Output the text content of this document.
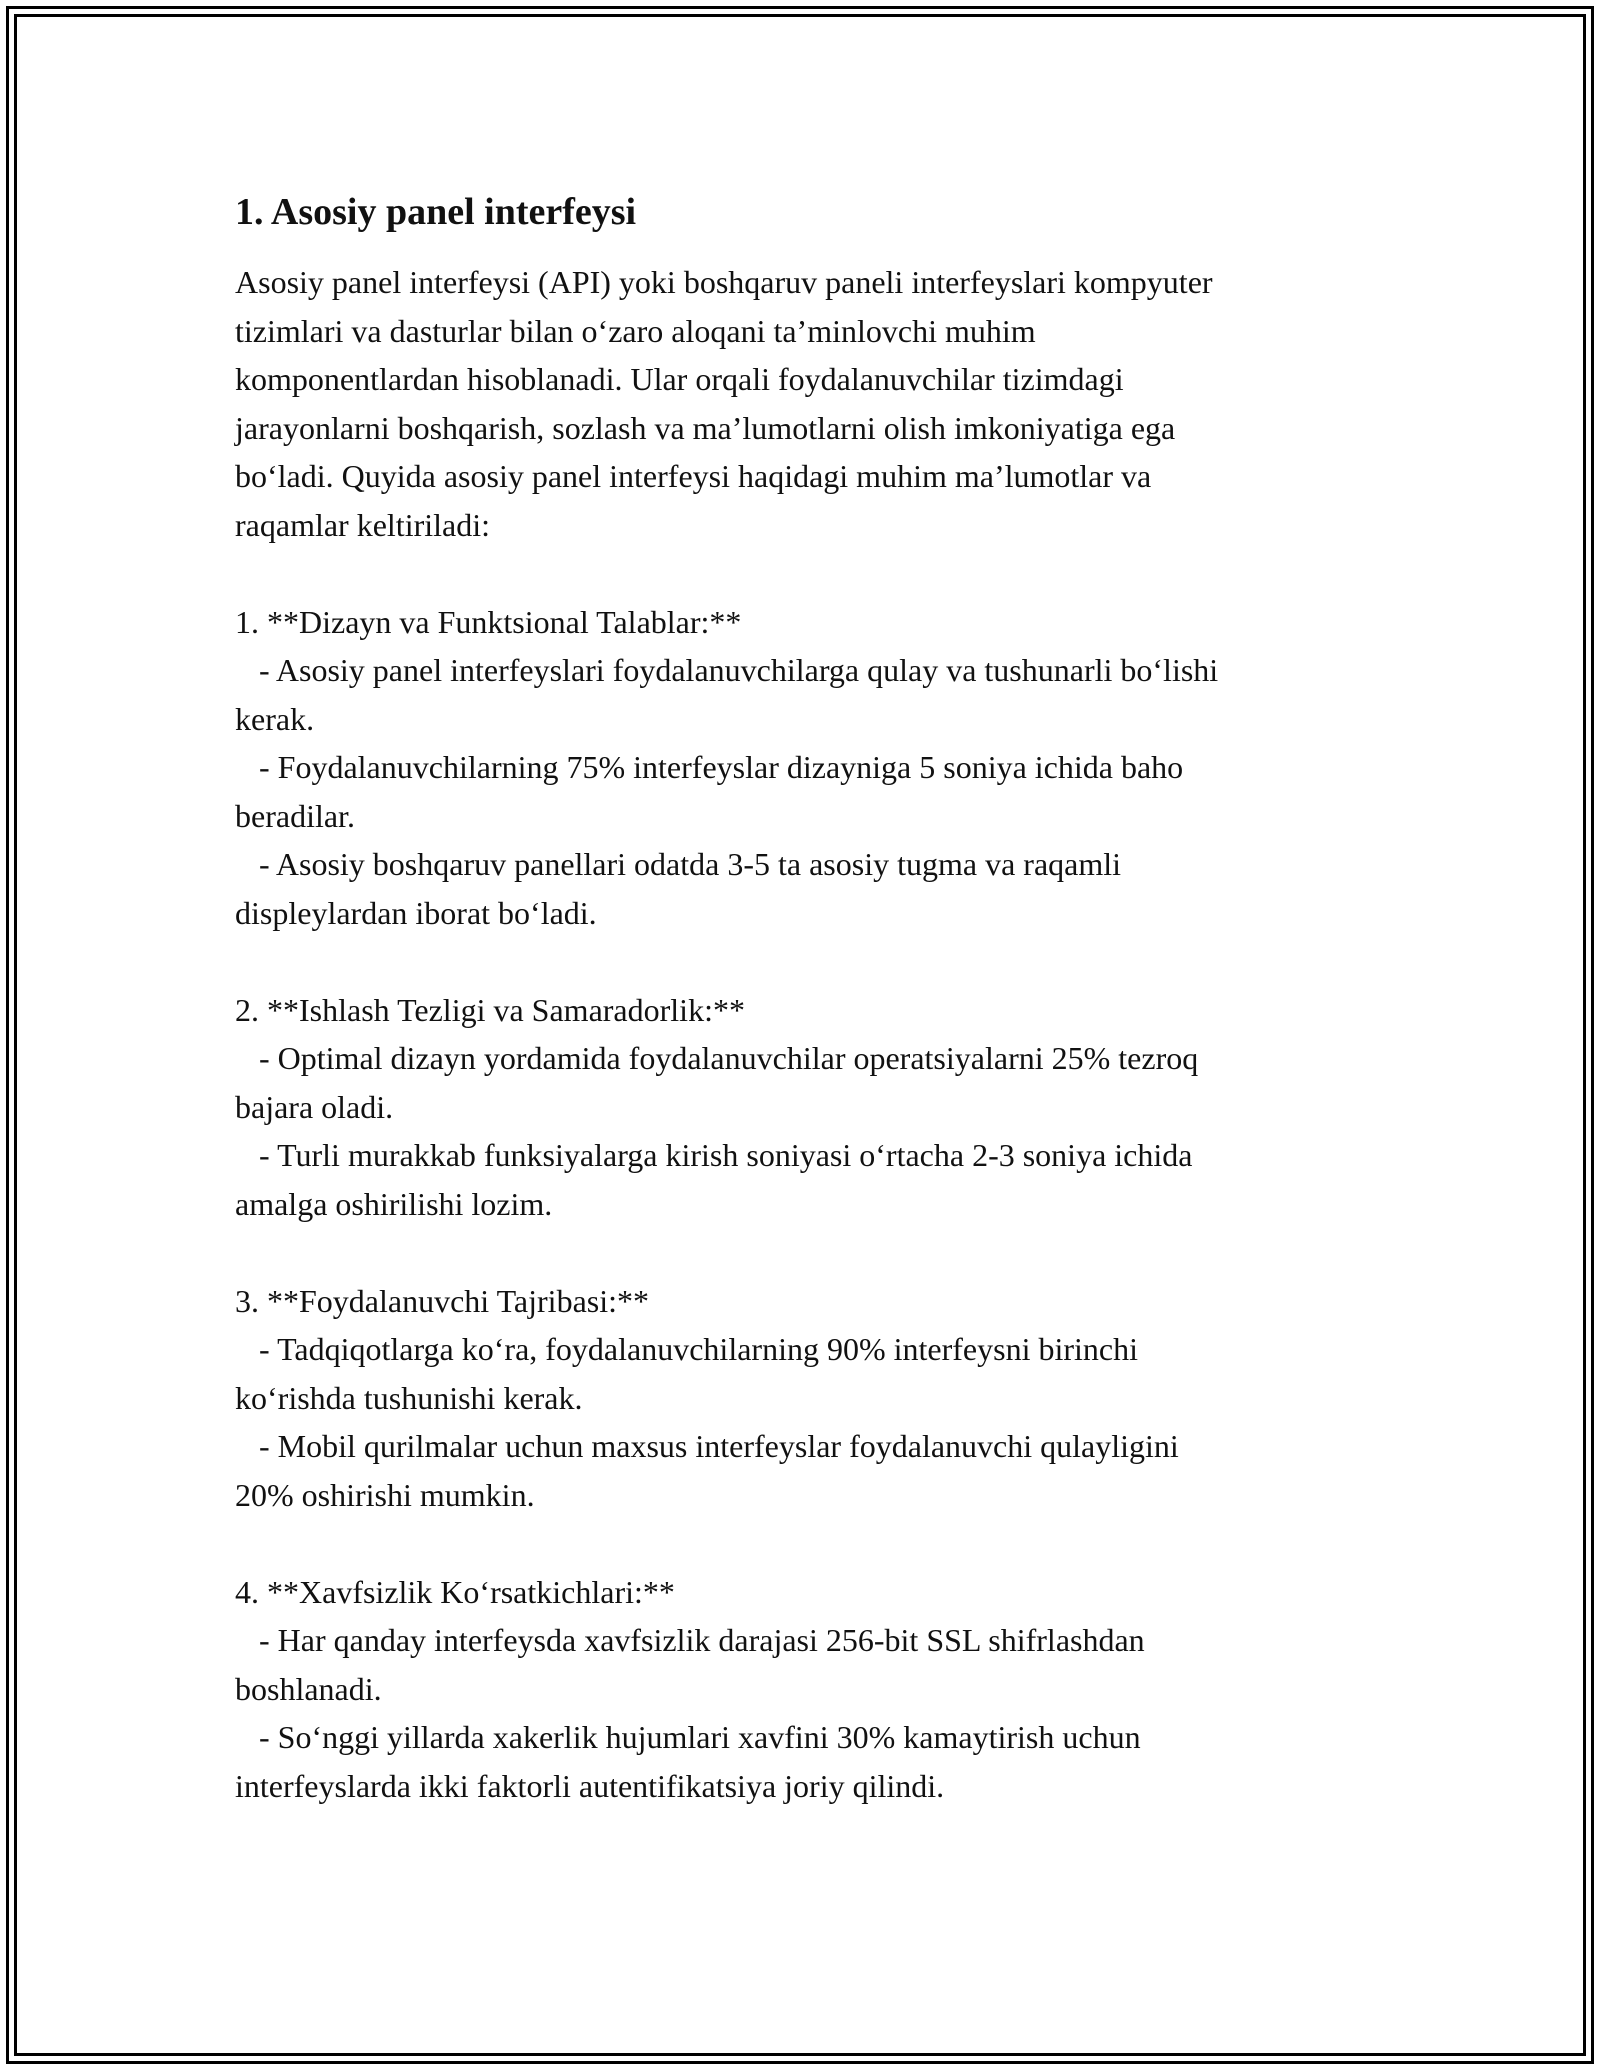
1. Asosiy panel interfeysi

Asosiy panel interfeysi (API) yoki boshqaruv paneli interfeyslari kompyuter

tizimlari va dasturlar bilan o‘zaro aloqani ta’minlovchi muhim

komponentlardan hisoblanadi. Ular orqali foydalanuvchilar tizimdagi

jarayonlarni boshqarish, sozlash va ma’lumotlarni olish imkoniyatiga ega

bo‘ladi. Quyida asosiy panel interfeysi haqidagi muhim ma’lumotlar va

raqamlar keltiriladi:

1. **Dizayn va Funktsional Talablar:**

- Asosiy panel interfeyslari foydalanuvchilarga qulay va tushunarli bo‘lishi

kerak.

- Foydalanuvchilarning 75% interfeyslar dizayniga 5 soniya ichida baho

beradilar.

- Asosiy boshqaruv panellari odatda 3-5 ta asosiy tugma va raqamli

displeylardan iborat bo‘ladi.

2. **Ishlash Tezligi va Samaradorlik:**

- Optimal dizayn yordamida foydalanuvchilar operatsiyalarni 25% tezroq

bajara oladi.

- Turli murakkab funksiyalarga kirish soniyasi o‘rtacha 2-3 soniya ichida

amalga oshirilishi lozim.

3. **Foydalanuvchi Tajribasi:**

- Tadqiqotlarga ko‘ra, foydalanuvchilarning 90% interfeysni birinchi

ko‘rishda tushunishi kerak.

- Mobil qurilmalar uchun maxsus interfeyslar foydalanuvchi qulayligini

20% oshirishi mumkin.

4. **Xavfsizlik Ko‘rsatkichlari:**

- Har qanday interfeysda xavfsizlik darajasi 256-bit SSL shifrlashdan

boshlanadi.

- So‘nggi yillarda xakerlik hujumlari xavfini 30% kamaytirish uchun

interfeyslarda ikki faktorli autentifikatsiya joriy qilindi.
